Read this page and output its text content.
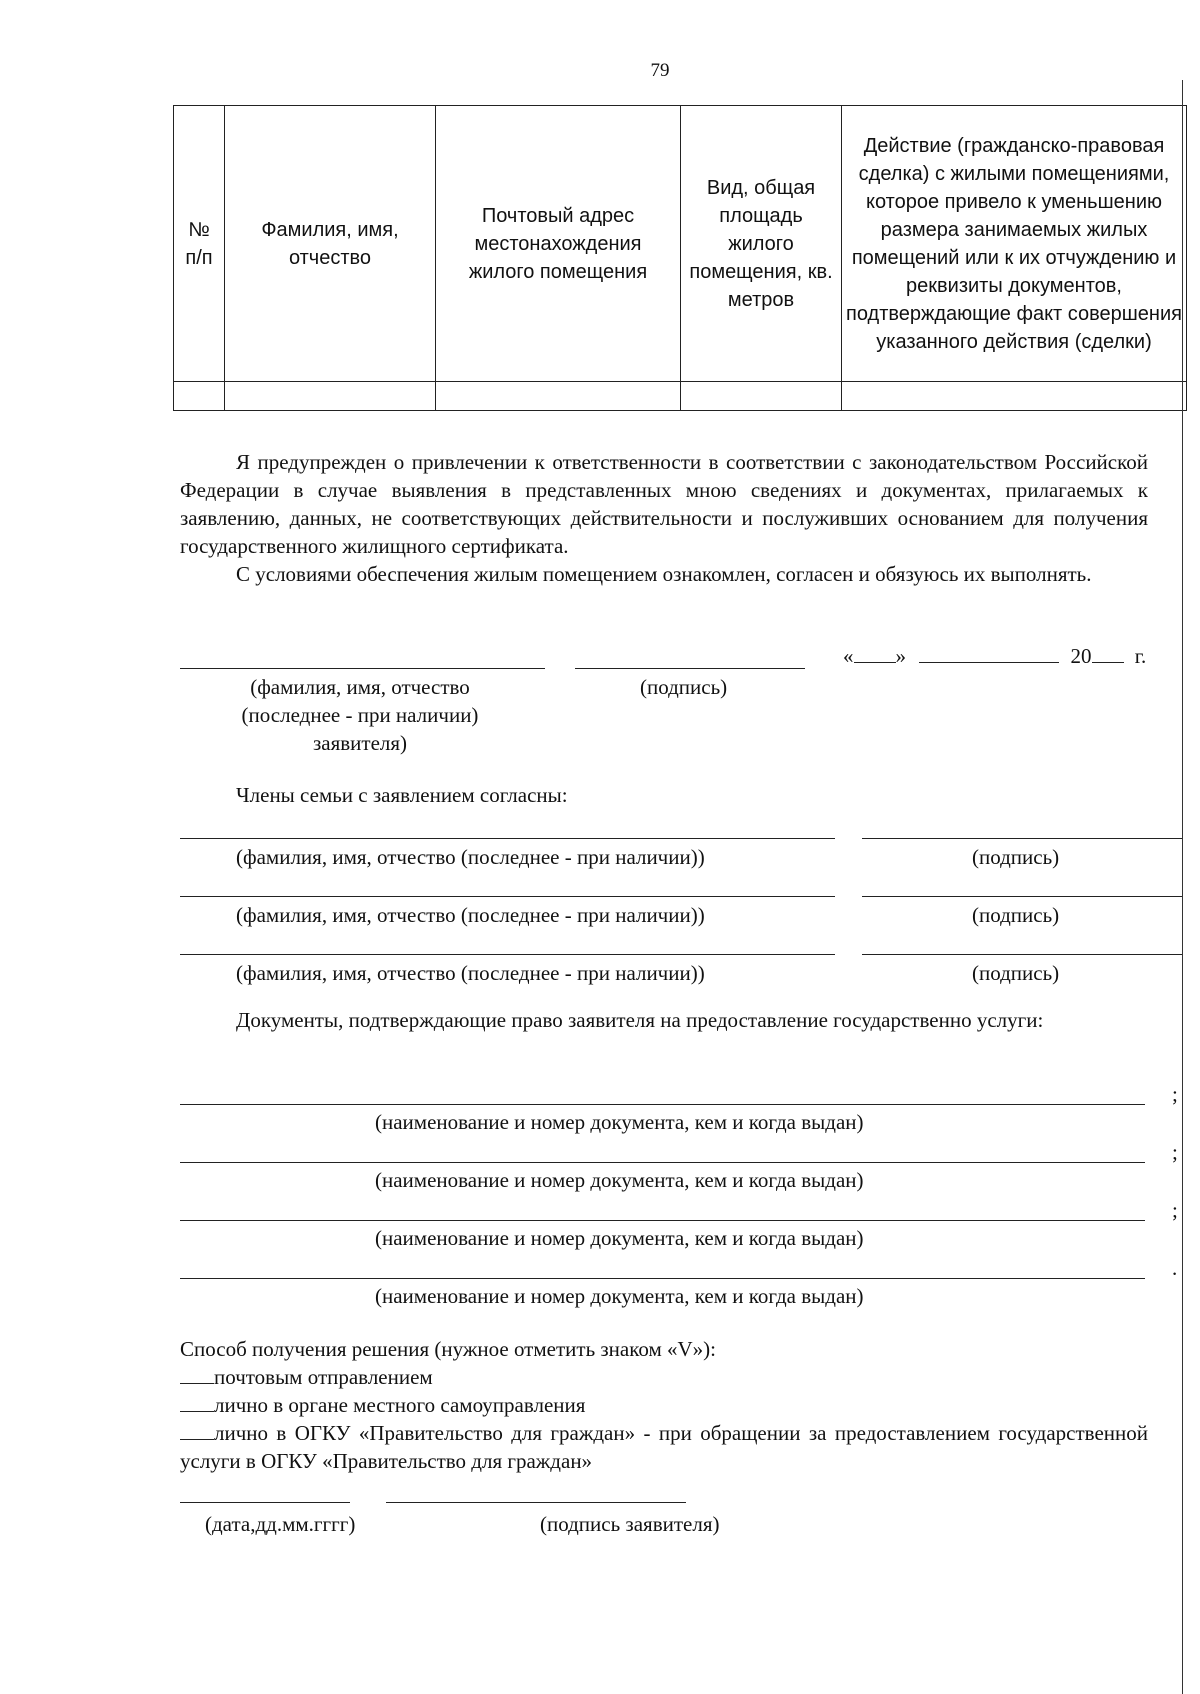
79
№ п/п	Фамилия, имя, отчество	Почтовый адрес местонахождения жилого помещения	Вид, общая площадь жилого помещения, кв. метров	Действие (гражданско-правовая сделка) с жилыми помещениями, которое привело к уменьшению размера занимаемых жилых помещений или к их отчуждению и реквизиты документов, подтверждающие факт совершения указанного действия (сделки)

Я предупрежден о привлечении к ответственности в соответствии с законодательством Российской Федерации в случае выявления в представленных мною сведениях и документах, прилагаемых к заявлению, данных, не соответствующих действительности и послуживших основанием для получения государственного жилищного сертификата.

С условиями обеспечения жилым помещением ознакомлен, согласен и обязуюсь их выполнять.

« »	20 г.
(фамилия, имя, отчество (последнее - при наличии) заявителя)
(подпись)
Члены семьи с заявлением согласны:
(фамилия, имя, отчество (последнее - при наличии))	(подпись)
(фамилия, имя, отчество (последнее - при наличии))	(подпись)
(фамилия, имя, отчество (последнее - при наличии))	(подпись)
Документы, подтверждающие право заявителя на предоставление государственно услуги:
;
(наименование и номер документа, кем и когда выдан)
;
(наименование и номер документа, кем и когда выдан)
;
(наименование и номер документа, кем и когда выдан)
.
(наименование и номер документа, кем и когда выдан)
Способ получения решения (нужное отметить знаком «V»):
почтовым отправлением
лично в органе местного самоуправления
лично в ОГКУ «Правительство для граждан» - при обращении за предоставлением государственной услуги в ОГКУ «Правительство для граждан»
(дата,дд.мм.гггг)	(подпись заявителя)
